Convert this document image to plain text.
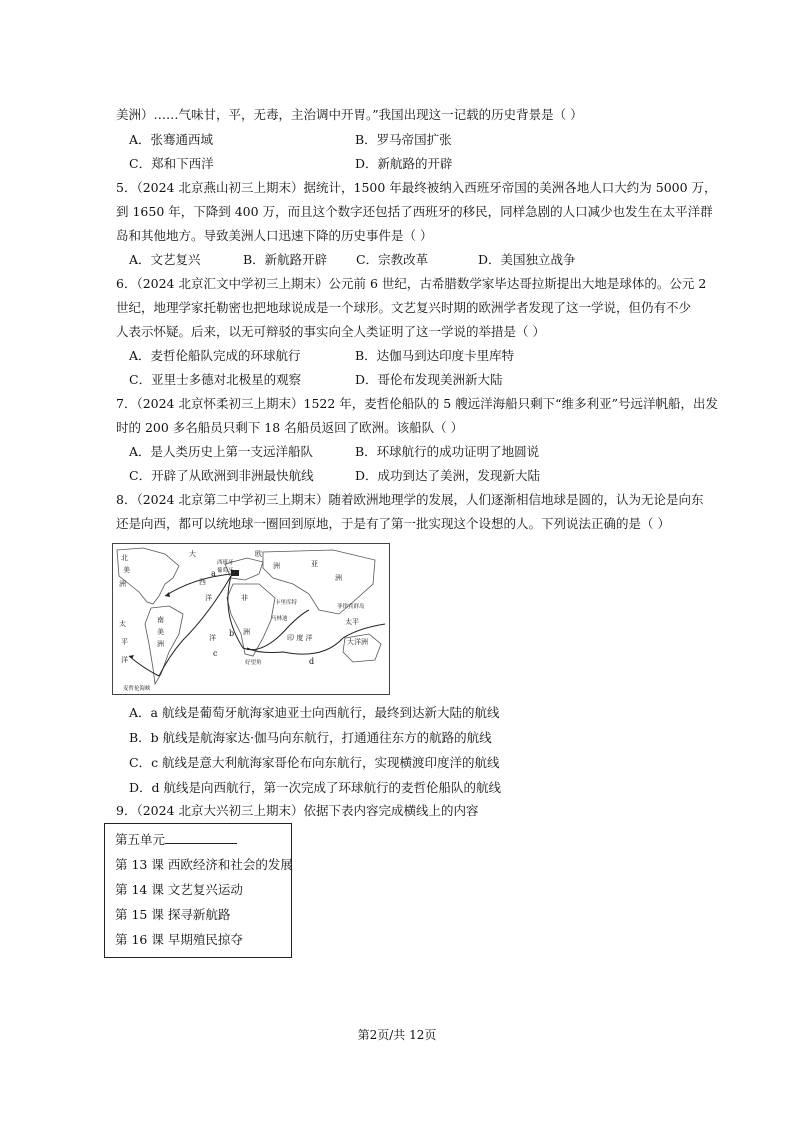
美洲）……气味甘，平，无毒，主治调中开胃。”我国出现这一记载的历史背景是（ ）
A．张骞通西域	B．罗马帝国扩张
C．郑和下西洋	D．新航路的开辟
5．（2024 北京燕山初三上期末）据统计，1500 年最终被纳入西班牙帝国的美洲各地人口大约为 5000 万，
到 1650 年，下降到 400 万，而且这个数字还包括了西班牙的移民，同样急剧的人口减少也发生在太平洋群
岛和其他地方。导致美洲人口迅速下降的历史事件是（ ）
A．文艺复兴	B．新航路开辟 C．宗教改革	D．美国独立战争
6．（2024 北京汇文中学初三上期末）公元前 6 世纪，古希腊数学家毕达哥拉斯提出大地是球体的。公元 2
世纪，地理学家托勒密也把地球说成是一个球形。文艺复兴时期的欧洲学者发现了这一学说，但仍有不少
人表示怀疑。后来，以无可辩驳的事实向全人类证明了这一学说的举措是（ ）
A．麦哲伦船队完成的环球航行	B．达伽马到达印度卡里库特
C．亚里士多德对北极星的观察	D．哥伦布发现美洲新大陆
7．（2024 北京怀柔初三上期末）1522 年，麦哲伦船队的 5 艘远洋海船只剩下“维多利亚”号远洋帆船，出发
时的 200 多名船员只剩下 18 名船员返回了欧洲。该船队（ ）
A．是人类历史上第一支远洋船队	B．环球航行的成功证明了地圆说
C．开辟了从欧洲到非洲最快航线	D．成功到达了美洲，发现新大陆
8．（2024 北京第二中学初三上期末）随着欧洲地理学的发展，人们逐渐相信地球是圆的，认为无论是向东
还是向西，都可以统地球一圈回到原地，于是有了第一批实现这个设想的人。下列说法正确的是（ ）
北
美
洲
大
西
洋
欧
洲	亚
洲
非
洲
南
美
洲
太
平
洋
洋	印 度 洋
太平
大洋洲
菲律宾群岛
卡里库特
马林迪
好望角
西班牙
葡萄牙
麦哲伦海峡
a
b
c
d
A．a 航线是葡萄牙航海家迪亚士向西航行，最终到达新大陆的航线
B．b 航线是航海家达·伽马向东航行，打通通往东方的航路的航线
C．c 航线是意大利航海家哥伦布向东航行，实现横渡印度洋的航线
D．d 航线是向西航行，第一次完成了环球航行的麦哲伦船队的航线
9．（2024 北京大兴初三上期末）依据下表内容完成横线上的内容
第五单元
第 13 课 西欧经济和社会的发展
第 14 课 文艺复兴运动
第 15 课 探寻新航路
第 16 课 早期殖民掠夺
第2页/共 12页
